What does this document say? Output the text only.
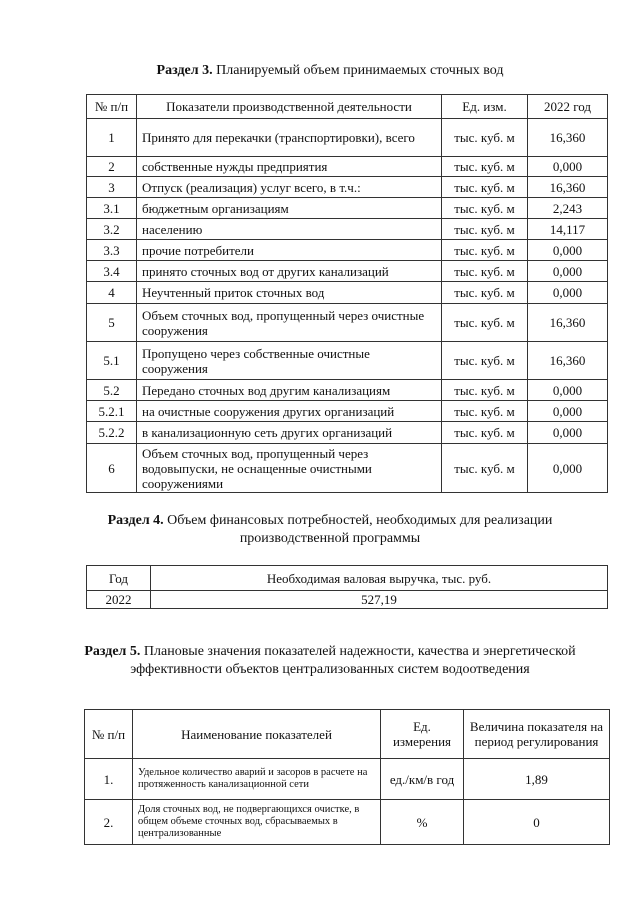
Раздел 3. Планируемый объем принимаемых сточных вод
№ п/п	Показатели производственной деятельности	Ед. изм.	2022 год
1	Принято для перекачки (транспортировки), всего	тыс. куб. м	16,360
2	собственные нужды предприятия	тыс. куб. м	0,000
3	Отпуск (реализация) услуг всего, в т.ч.:	тыс. куб. м	16,360
3.1	бюджетным организациям	тыс. куб. м	2,243
3.2	населению	тыс. куб. м	14,117
3.3	прочие потребители	тыс. куб. м	0,000
3.4	принято сточных вод от других канализаций	тыс. куб. м	0,000
4	Неучтенный приток сточных вод	тыс. куб. м	0,000
5	Объем сточных вод, пропущенный через очистные сооружения	тыс. куб. м	16,360
5.1	Пропущено через собственные очистные сооружения	тыс. куб. м	16,360
5.2	Передано сточных вод другим канализациям	тыс. куб. м	0,000
5.2.1	на очистные сооружения других организаций	тыс. куб. м	0,000
5.2.2	в канализационную сеть других организаций	тыс. куб. м	0,000
6	Объем сточных вод, пропущенный через водовыпуски, не оснащенные очистными сооружениями	тыс. куб. м	0,000
Раздел 4. Объем финансовых потребностей, необходимых для реализации производственной программы
Год	Необходимая валовая выручка, тыс. руб.
2022	527,19
Раздел 5. Плановые значения показателей надежности, качества и энергетической эффективности объектов централизованных систем водоотведения
№ п/п	Наименование показателей	Ед. измерения	Величина показателя на период регулирования
1.	Удельное количество аварий и засоров в расчете на протяженность канализационной сети	ед./км/в год	1,89
2.	Доля сточных вод, не подвергающихся очистке, в общем объеме сточных вод, сбрасываемых в централизованные	%	0
